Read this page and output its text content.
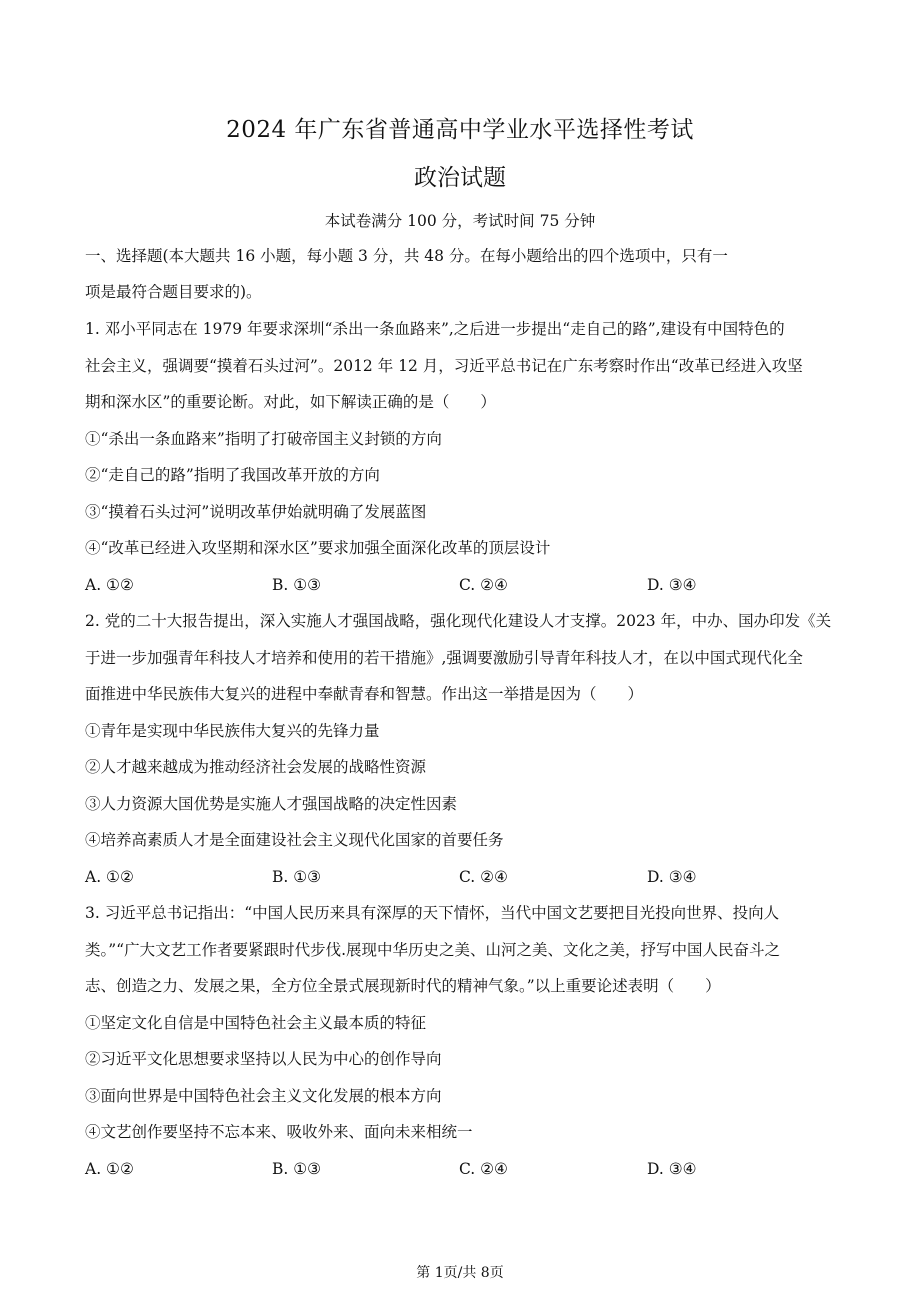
2024 年广东省普通高中学业水平选择性考试
政治试题
本试卷满分 100 分，考试时间 75 分钟
一、选择题(本大题共 16 小题，每小题 3 分，共 48 分。在每小题给出的四个选项中，只有一
项是最符合题目要求的)。
1. 邓小平同志在 1979 年要求深圳“杀出一条血路来”,之后进一步提出“走自己的路”,建设有中国特色的
社会主义，强调要“摸着石头过河”。2012 年 12 月，习近平总书记在广东考察时作出“改革已经进入攻坚
期和深水区”的重要论断。对此，如下解读正确的是（　　）
①“杀出一条血路来”指明了打破帝国主义封锁的方向
②“走自己的路”指明了我国改革开放的方向
③“摸着石头过河”说明改革伊始就明确了发展蓝图
④“改革已经进入攻坚期和深水区”要求加强全面深化改革的顶层设计
A. ①②	B. ①③	C. ②④	D. ③④
2. 党的二十大报告提出，深入实施人才强国战略，强化现代化建设人才支撑。2023 年，中办、国办印发《关
于进一步加强青年科技人才培养和使用的若干措施》,强调要激励引导青年科技人才，在以中国式现代化全
面推进中华民族伟大复兴的进程中奉献青春和智慧。作出这一举措是因为（　　）
①青年是实现中华民族伟大复兴的先锋力量
②人才越来越成为推动经济社会发展的战略性资源
③人力资源大国优势是实施人才强国战略的决定性因素
④培养高素质人才是全面建设社会主义现代化国家的首要任务
A. ①②	B. ①③	C. ②④	D. ③④
3. 习近平总书记指出：“中国人民历来具有深厚的天下情怀，当代中国文艺要把目光投向世界、投向人
类。”“广大文艺工作者要紧跟时代步伐.展现中华历史之美、山河之美、文化之美，抒写中国人民奋斗之
志、创造之力、发展之果，全方位全景式展现新时代的精神气象。”以上重要论述表明（　　）
①坚定文化自信是中国特色社会主义最本质的特征
②习近平文化思想要求坚持以人民为中心的创作导向
③面向世界是中国特色社会主义文化发展的根本方向
④文艺创作要坚持不忘本来、吸收外来、面向未来相统一
A. ①②	B. ①③	C. ②④	D. ③④
第 1页/共 8页
